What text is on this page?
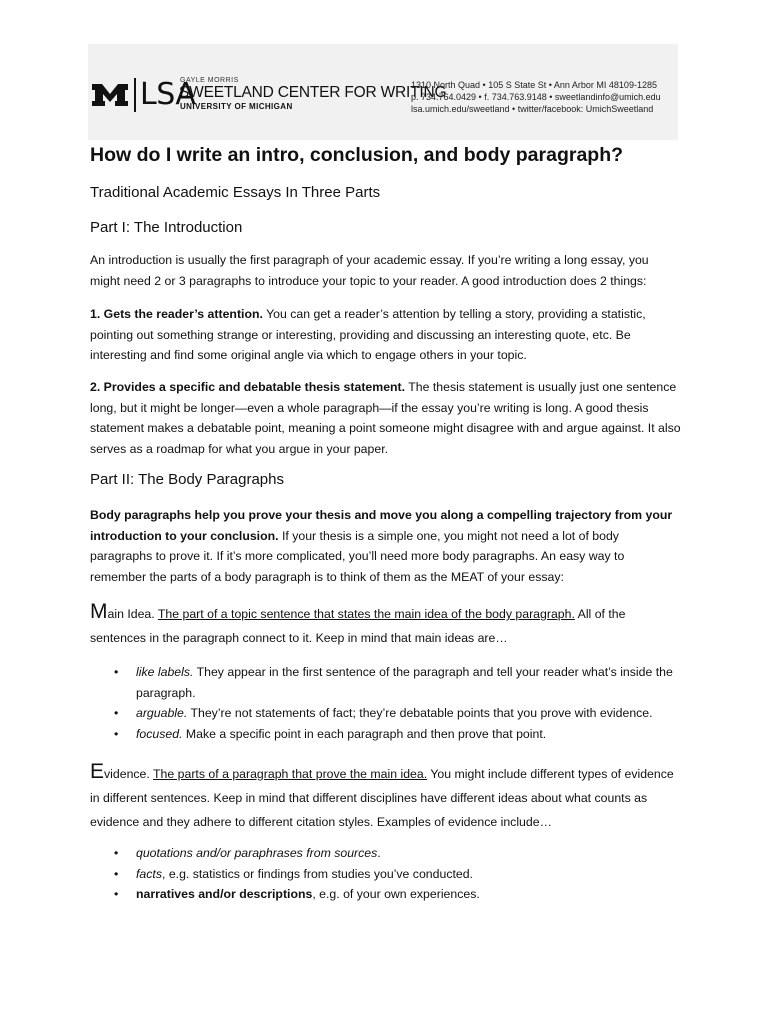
LSA
GAYLE MORRIS
SWEETLAND CENTER FOR WRITING
UNIVERSITY OF MICHIGAN
1310 North Quad • 105 S State St • Ann Arbor MI 48109-1285
p. 734.764.0429 • f. 734.763.9148 • sweetlandinfo@umich.edu
lsa.umich.edu/sweetland • twitter/facebook: UmichSweetland
How do I write an intro, conclusion, and body paragraph?
Traditional Academic Essays In Three Parts
Part I: The Introduction
An introduction is usually the first paragraph of your academic essay. If you’re writing a long essay, you might need 2 or 3 paragraphs to introduce your topic to your reader. A good introduction does 2 things:
1. Gets the reader’s attention. You can get a reader’s attention by telling a story, providing a statistic, pointing out something strange or interesting, providing and discussing an interesting quote, etc. Be interesting and find some original angle via which to engage others in your topic.
2. Provides a specific and debatable thesis statement. The thesis statement is usually just one sentence long, but it might be longer—even a whole paragraph—if the essay you’re writing is long. A good thesis statement makes a debatable point, meaning a point someone might disagree with and argue against. It also serves as a roadmap for what you argue in your paper.
Part II: The Body Paragraphs
Body paragraphs help you prove your thesis and move you along a compelling trajectory from your introduction to your conclusion. If your thesis is a simple one, you might not need a lot of body paragraphs to prove it. If it’s more complicated, you’ll need more body paragraphs. An easy way to remember the parts of a body paragraph is to think of them as the MEAT of your essay:
Main Idea. The part of a topic sentence that states the main idea of the body paragraph. All of the sentences in the paragraph connect to it. Keep in mind that main ideas are…
• like labels. They appear in the first sentence of the paragraph and tell your reader what’s inside the paragraph.
• arguable. They’re not statements of fact; they’re debatable points that you prove with evidence.
• focused. Make a specific point in each paragraph and then prove that point.
Evidence. The parts of a paragraph that prove the main idea. You might include different types of evidence in different sentences. Keep in mind that different disciplines have different ideas about what counts as evidence and they adhere to different citation styles. Examples of evidence include…
• quotations and/or paraphrases from sources.
• facts, e.g. statistics or findings from studies you’ve conducted.
• narratives and/or descriptions, e.g. of your own experiences.
